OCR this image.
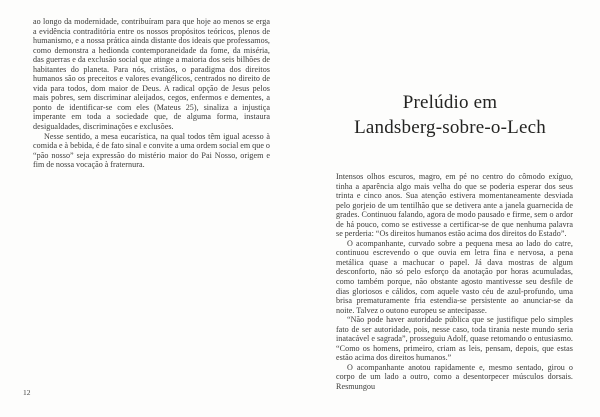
ao longo da modernidade, contribuíram para que hoje ao menos se erga a evidência contraditória entre os nossos propósitos teóricos, plenos de humanismo, e a nossa prática ainda distante dos ideais que professamos, como demonstra a hedionda contemporaneidade da fome, da miséria, das guerras e da exclusão social que atinge a maioria dos seis bilhões de habitantes do planeta. Para nós, cristãos, o paradigma dos direitos humanos são os preceitos e valores evangélicos, centrados no direito de vida para todos, dom maior de Deus. A radical opção de Jesus pelos mais pobres, sem discriminar aleijados, cegos, enfermos e dementes, a ponto de identificar-se com eles (Mateus 25), sinaliza a injustiça imperante em toda a sociedade que, de alguma forma, instaura desigualdades, discriminações e exclusões.

Nesse sentido, a mesa eucarística, na qual todos têm igual acesso à comida e à bebida, é de fato sinal e convite a uma ordem social em que o “pão nosso” seja expressão do mistério maior do Pai Nosso, origem e fim de nossa vocação à fraternura.

12
Prelúdio em
Landsberg-sobre-o-Lech

Intensos olhos escuros, magro, em pé no centro do cômodo exíguo, tinha a aparência algo mais velha do que se poderia esperar dos seus trinta e cinco anos. Sua atenção estivera momentaneamente desviada pelo gorjeio de um tentilhão que se detivera ante a janela guarnecida de grades. Continuou falando, agora de modo pausado e firme, sem o ardor de há pouco, como se estivesse a certificar-se de que nenhuma palavra se perderia: “Os direitos humanos estão acima dos direitos do Estado”.

O acompanhante, curvado sobre a pequena mesa ao lado do catre, continuou escrevendo o que ouvia em letra fina e nervosa, a pena metálica quase a machucar o papel. Já dava mostras de algum desconforto, não só pelo esforço da anotação por horas acumuladas, como também porque, não obstante agosto mantivesse seu desfile de dias gloriosos e cálidos, com aquele vasto céu de azul-profundo, uma brisa prematuramente fria estendia-se persistente ao anunciar-se da noite. Talvez o outono europeu se antecipasse.

“Não pode haver autoridade pública que se justifique pelo simples fato de ser autoridade, pois, nesse caso, toda tirania neste mundo seria inatacável e sagrada”, prosseguiu Adolf, quase retomando o entusiasmo. “Como os homens, primeiro, criam as leis, pensam, depois, que estas estão acima dos direitos humanos.”

O acompanhante anotou rapidamente e, mesmo sentado, girou o corpo de um lado a outro, como a desentorpecer músculos dorsais. Resmungou
